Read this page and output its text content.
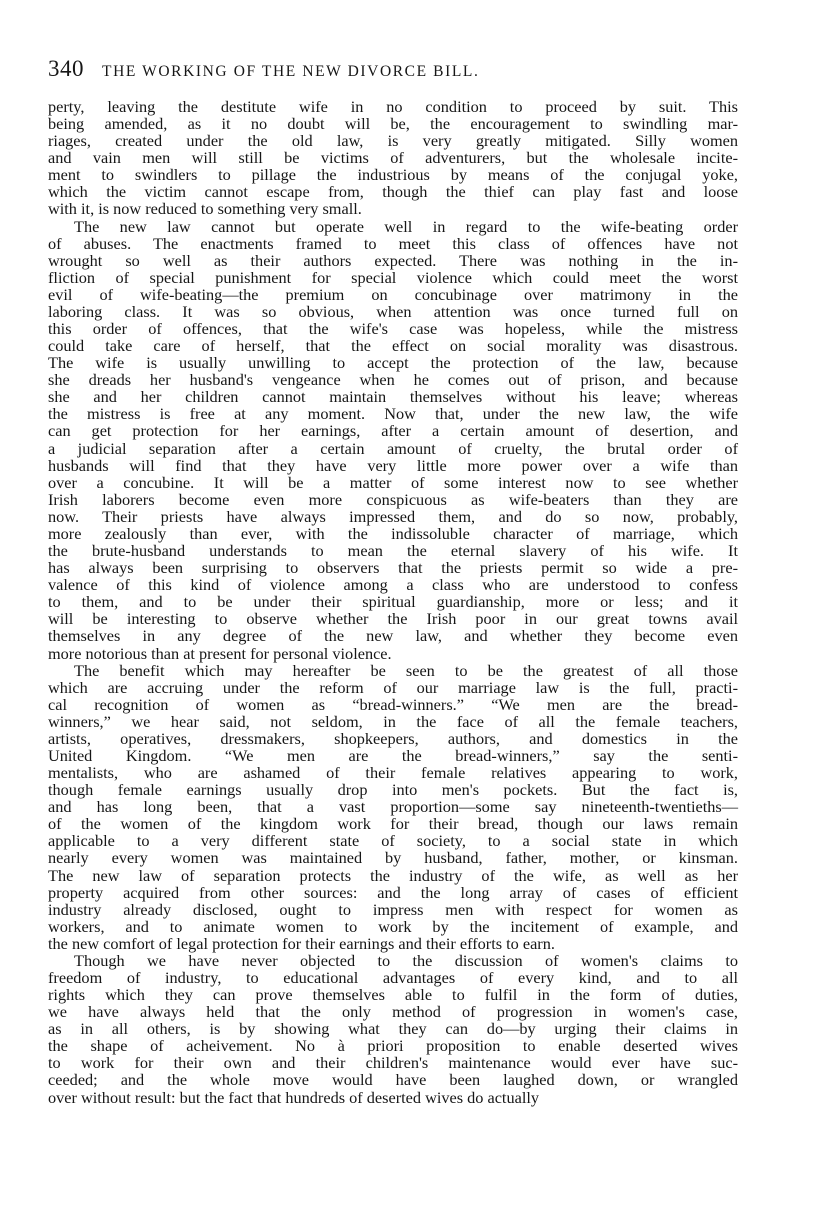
340 THE WORKING OF THE NEW DIVORCE BILL.
perty, leaving the destitute wife in no condition to proceed by suit. This
being amended, as it no doubt will be, the encouragement to swindling mar-
riages, created under the old law, is very greatly mitigated. Silly women
and vain men will still be victims of adventurers, but the wholesale incite-
ment to swindlers to pillage the industrious by means of the conjugal yoke,
which the victim cannot escape from, though the thief can play fast and loose
with it, is now reduced to something very small.
The new law cannot but operate well in regard to the wife-beating order
of abuses. The enactments framed to meet this class of offences have not
wrought so well as their authors expected. There was nothing in the in-
fliction of special punishment for special violence which could meet the worst
evil of wife-beating—the premium on concubinage over matrimony in the
laboring class. It was so obvious, when attention was once turned full on
this order of offences, that the wife's case was hopeless, while the mistress
could take care of herself, that the effect on social morality was disastrous.
The wife is usually unwilling to accept the protection of the law, because
she dreads her husband's vengeance when he comes out of prison, and because
she and her children cannot maintain themselves without his leave; whereas
the mistress is free at any moment. Now that, under the new law, the wife
can get protection for her earnings, after a certain amount of desertion, and
a judicial separation after a certain amount of cruelty, the brutal order of
husbands will find that they have very little more power over a wife than
over a concubine. It will be a matter of some interest now to see whether
Irish laborers become even more conspicuous as wife-beaters than they are
now. Their priests have always impressed them, and do so now, probably,
more zealously than ever, with the indissoluble character of marriage, which
the brute-husband understands to mean the eternal slavery of his wife. It
has always been surprising to observers that the priests permit so wide a pre-
valence of this kind of violence among a class who are understood to confess
to them, and to be under their spiritual guardianship, more or less; and it
will be interesting to observe whether the Irish poor in our great towns avail
themselves in any degree of the new law, and whether they become even
more notorious than at present for personal violence.
The benefit which may hereafter be seen to be the greatest of all those
which are accruing under the reform of our marriage law is the full, practi-
cal recognition of women as “bread-winners.” “We men are the bread-
winners,” we hear said, not seldom, in the face of all the female teachers,
artists, operatives, dressmakers, shopkeepers, authors, and domestics in the
United Kingdom. “We men are the bread-winners,” say the senti-
mentalists, who are ashamed of their female relatives appearing to work,
though female earnings usually drop into men's pockets. But the fact is,
and has long been, that a vast proportion—some say nineteenth-twentieths—
of the women of the kingdom work for their bread, though our laws remain
applicable to a very different state of society, to a social state in which
nearly every women was maintained by husband, father, mother, or kinsman.
The new law of separation protects the industry of the wife, as well as her
property acquired from other sources: and the long array of cases of efficient
industry already disclosed, ought to impress men with respect for women as
workers, and to animate women to work by the incitement of example, and
the new comfort of legal protection for their earnings and their efforts to earn.
Though we have never objected to the discussion of women's claims to
freedom of industry, to educational advantages of every kind, and to all
rights which they can prove themselves able to fulfil in the form of duties,
we have always held that the only method of progression in women's case,
as in all others, is by showing what they can do—by urging their claims in
the shape of acheivement. No à priori proposition to enable deserted wives
to work for their own and their children's maintenance would ever have suc-
ceeded; and the whole move would have been laughed down, or wrangled
over without result: but the fact that hundreds of deserted wives do actually
